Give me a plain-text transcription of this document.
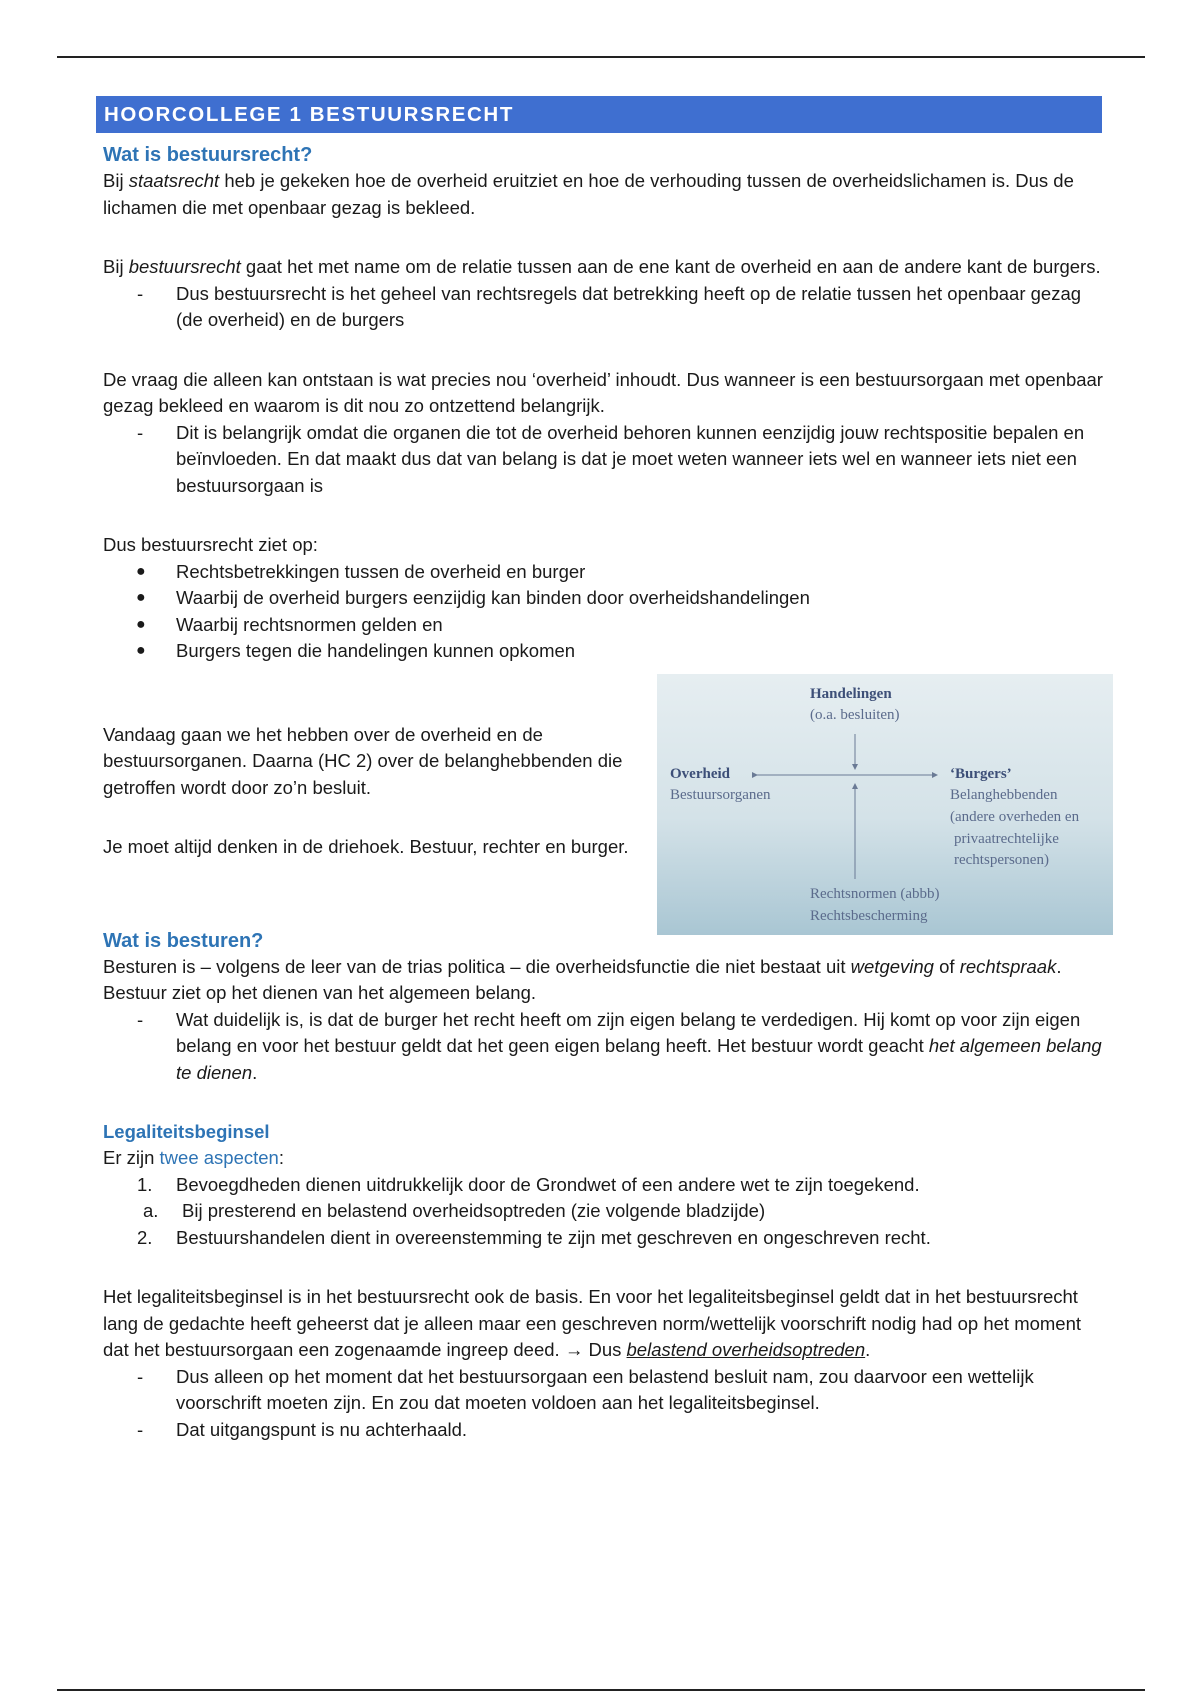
HOORCOLLEGE 1 BESTUURSRECHT
Wat is bestuursrecht?

Bij staatsrecht heb je gekeken hoe de overheid eruitziet en hoe de verhouding tussen de overheidslichamen is. Dus de lichamen die met openbaar gezag is bekleed.

Bij bestuursrecht gaat het met name om de relatie tussen aan de ene kant de overheid en aan de andere kant de burgers.

- Dus bestuursrecht is het geheel van rechtsregels dat betrekking heeft op de relatie tussen het openbaar gezag (de overheid) en de burgers

De vraag die alleen kan ontstaan is wat precies nou ‘overheid’ inhoudt. Dus wanneer is een bestuursorgaan met openbaar gezag bekleed en waarom is dit nou zo ontzettend belangrijk.

- Dit is belangrijk omdat die organen die tot de overheid behoren kunnen eenzijdig jouw rechtspositie bepalen en beïnvloeden. En dat maakt dus dat van belang is dat je moet weten wanneer iets wel en wanneer iets niet een bestuursorgaan is

Dus bestuursrecht ziet op:

● Rechtsbetrekkingen tussen de overheid en burger
● Waarbij de overheid burgers eenzijdig kan binden door overheidshandelingen
● Waarbij rechtsnormen gelden en
● Burgers tegen die handelingen kunnen opkomen

Vandaag gaan we het hebben over de overheid en de bestuursorganen. Daarna (HC 2) over de belanghebbenden die getroffen wordt door zo’n besluit.

Je moet altijd denken in de driehoek. Bestuur, rechter en burger.

Handelingen
(o.a. besluiten)
Overheid
Bestuursorganen
‘Burgers’
Belanghebbenden
(andere overheden en
privaatrechtelijke
rechtspersonen)
Rechtsnormen (abbb)
Rechtsbescherming
Wat is besturen?

Besturen is – volgens de leer van de trias politica – die overheidsfunctie die niet bestaat uit wetgeving of rechtspraak. Bestuur ziet op het dienen van het algemeen belang.

- Wat duidelijk is, is dat de burger het recht heeft om zijn eigen belang te verdedigen. Hij komt op voor zijn eigen belang en voor het bestuur geldt dat het geen eigen belang heeft. Het bestuur wordt geacht het algemeen belang te dienen.
Legaliteitsbeginsel

Er zijn twee aspecten:

1. Bevoegdheden dienen uitdrukkelijk door de Grondwet of een andere wet te zijn toegekend.
a. Bij presterend en belastend overheidsoptreden (zie volgende bladzijde)
2. Bestuurshandelen dient in overeenstemming te zijn met geschreven en ongeschreven recht.

Het legaliteitsbeginsel is in het bestuursrecht ook de basis. En voor het legaliteitsbeginsel geldt dat in het bestuursrecht lang de gedachte heeft geheerst dat je alleen maar een geschreven norm/wettelijk voorschrift nodig had op het moment dat het bestuursorgaan een zogenaamde ingreep deed. → Dus belastend overheidsoptreden.

- Dus alleen op het moment dat het bestuursorgaan een belastend besluit nam, zou daarvoor een wettelijk voorschrift moeten zijn. En zou dat moeten voldoen aan het legaliteitsbeginsel.
- Dat uitgangspunt is nu achterhaald.
